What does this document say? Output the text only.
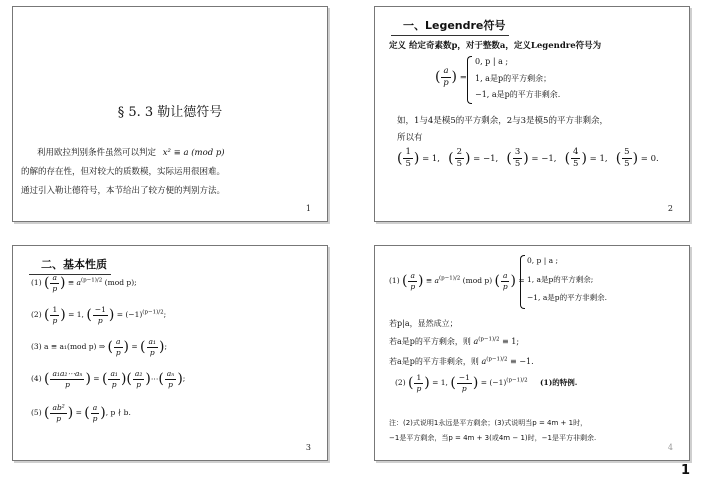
§ 5. 3 勒让德符号
利用欧拉判别条件虽然可以判定 x² ≡ a (mod p)
的解的存在性，但对较大的质数模，实际运用很困难。
通过引入勒让德符号，本节给出了较方便的判别方法。
1
一、Legendre符号
定义 给定奇素数p，对于整数a，定义Legendre符号为
( $\frac{a}{p}$ ) =
0, p | a ;
1, a是p的平方剩余；
−1, a是p的平方非剩余.
如，1与4是模5的平方剩余，2与3是模5的平方非剩余，
所以有
( $\frac{1}{5}$ ) = 1, ( $\frac{2}{5}$ ) = −1, ( $\frac{3}{5}$ ) = −1, ( $\frac{4}{5}$ ) = 1, ( $\frac{5}{5}$ ) = 0.
2
二、基本性质
(1) ( $\frac{a}{p}$ ) ≡ $a^{(p-1)/2}$ (mod p);
(2) ( $\frac{1}{p}$ ) = 1, ( $\frac{-1}{p}$ ) = $(-1)^{(p-1)/2}$;
(3) a ≡ a₁(mod p) ⇒ ( $\frac{a}{p}$ ) = ( $\frac{\text{a₁}}{p}$ );
(4) ( $\frac{\text{a₁a₂⋯aₙ}}{p}$ ) = ( $\frac{\text{a₁}}{p}$ )( $\frac{\text{a₂}}{p}$ )⋯( $\frac{\text{aₙ}}{p}$ );
(5) ( $\frac{\text{ab²}}{p}$ ) = ( $\frac{a}{p}$ ), p ∤ b.
3
(1) ( $\frac{a}{p}$ ) ≡ $a^{(p-1)/2}$ (mod p) ( $\frac{a}{p}$ ) =
0, p | a ;
1, a是p的平方剩余;
−1, a是p的平方非剩余.
若p|a，显然成立；
若a是p的平方剩余，则 $a^{(p-1)/2} \equiv 1$;
若a是p的平方非剩余，则 $a^{(p-1)/2} \equiv -1$.
(2) ( $\frac{1}{p}$ ) = 1, ( $\frac{-1}{p}$ ) = $(-1)^{(p-1)/2}$ (1)的特例.
注：(2)式说明1永远是平方剩余；(3)式说明当p = 4m + 1时，
−1是平方剩余，当p = 4m + 3(或4m − 1)时，−1是平方非剩余.
4
1
